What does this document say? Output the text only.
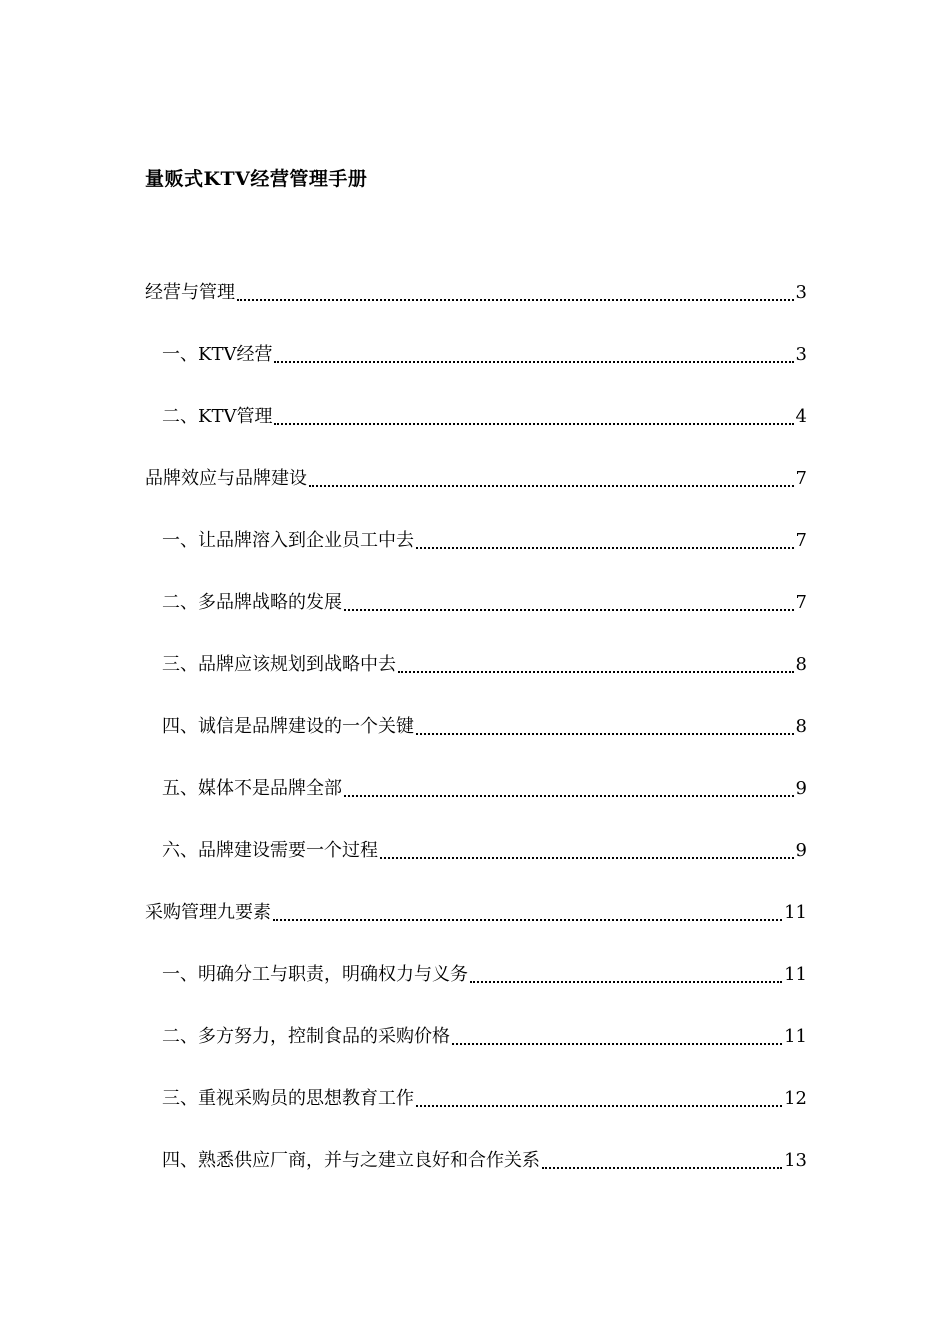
量贩式KTV经营管理手册
经营与管理	3
一、KTV经营	3
二、KTV管理	4
品牌效应与品牌建设	7
一、让品牌溶入到企业员工中去	7
二、多品牌战略的发展	7
三、品牌应该规划到战略中去	8
四、诚信是品牌建设的一个关键	8
五、媒体不是品牌全部	9
六、品牌建设需要一个过程	9
采购管理九要素	11
一、明确分工与职责，明确权力与义务	11
二、多方努力，控制食品的采购价格	11
三、重视采购员的思想教育工作	12
四、熟悉供应厂商，并与之建立良好和合作关系	13
